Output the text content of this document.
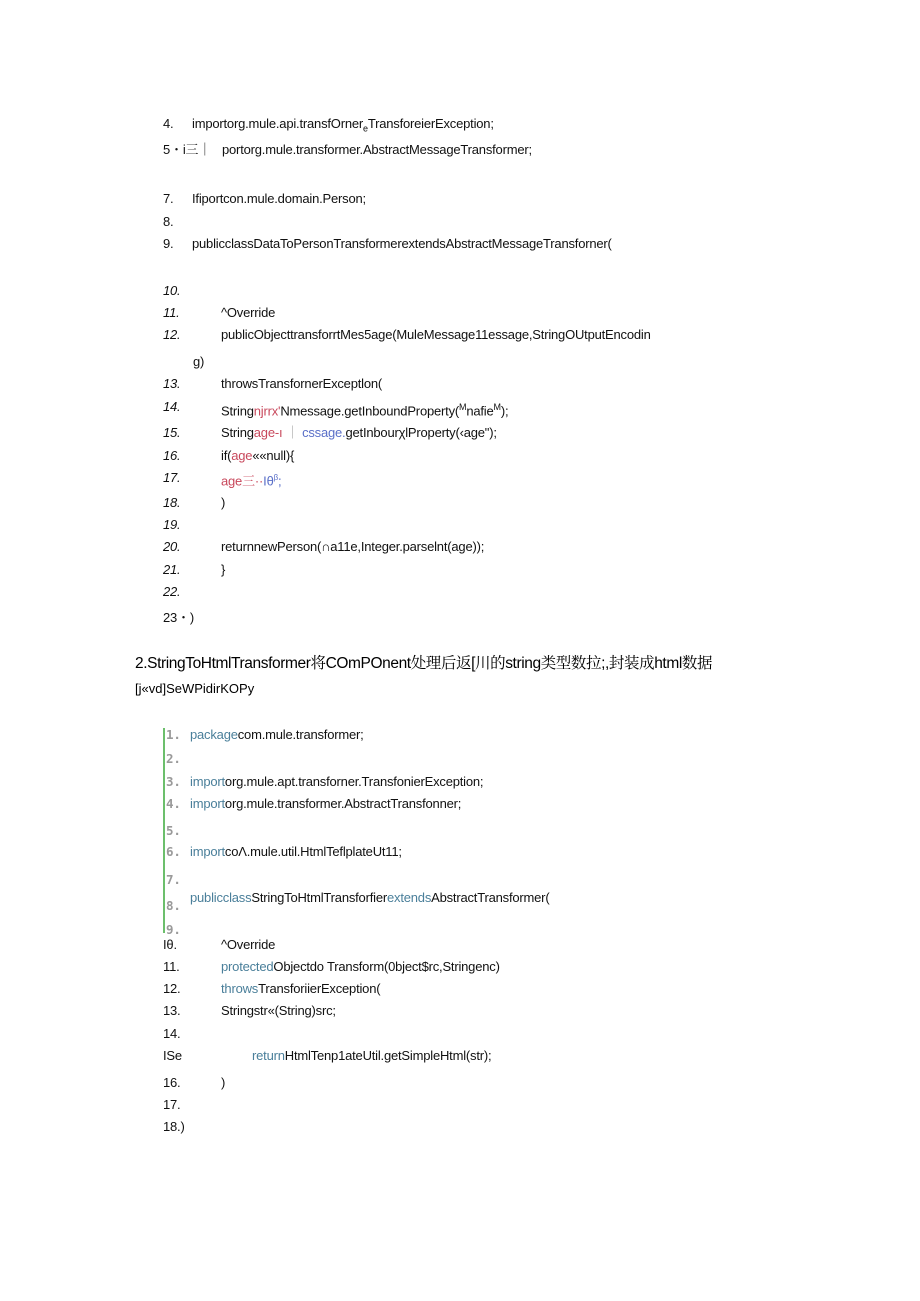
4. importorg.mule.api.transfOrner$_e$TransforeierException;
5・i三｜ portorg.mule.transformer.AbstractMessageTransformer;
7. Ifiportcon.mule.domain.Person;
8.
9. publicclassDataToPersonTransformerextendsAbstractMessageTransforner(
10.
11.	^Override
12.	publicObjecttransforrtMes5age(MuleMessage11essage,StringOUtputEncodin
g)
13.	throwsTransfornerExceptlon(
14.	Stringnjrrx'Nmessage.getInboundProperty($^M$nafie$^M$);
15.	Stringage-ı ｜ cssage.getInbourχlProperty(‹age");
16.	if(age««null){
17.	age三$\cdot\cdot I\theta^\beta$;
18.	)
19.
20.	returnnewPerson(∩a11e,Integer.parselnt(age));
21.	}
22.
23・)
2.StringToHtmlTransformer将COmPOnent处理后返[川的string类型数拉;,封装成html数据
[j«vd]SeWPidirKOPy
1. packagecom.mule.transformer;
2.
3. importorg.mule.apt.transforner.TransfonierException;
4. importorg.mule.transformer.AbstractTransfonner;
5.
6. importcoΛ.mule.util.HtmlTeflplateUt11;
7.
publicclassStringToHtmlTransforfierextendsAbstractTransformer(
8.
9.
Iθ.	^Override
11.	protectedObjectdo Transform(0bject$rc,Stringenc)
12.	throwsTransforiierException(
13.	Stringstr«(String)src;
14.
ISe	returnHtmlTenp1ateUtil.getSimpleHtml(str);
16.	)
17.
18.)
